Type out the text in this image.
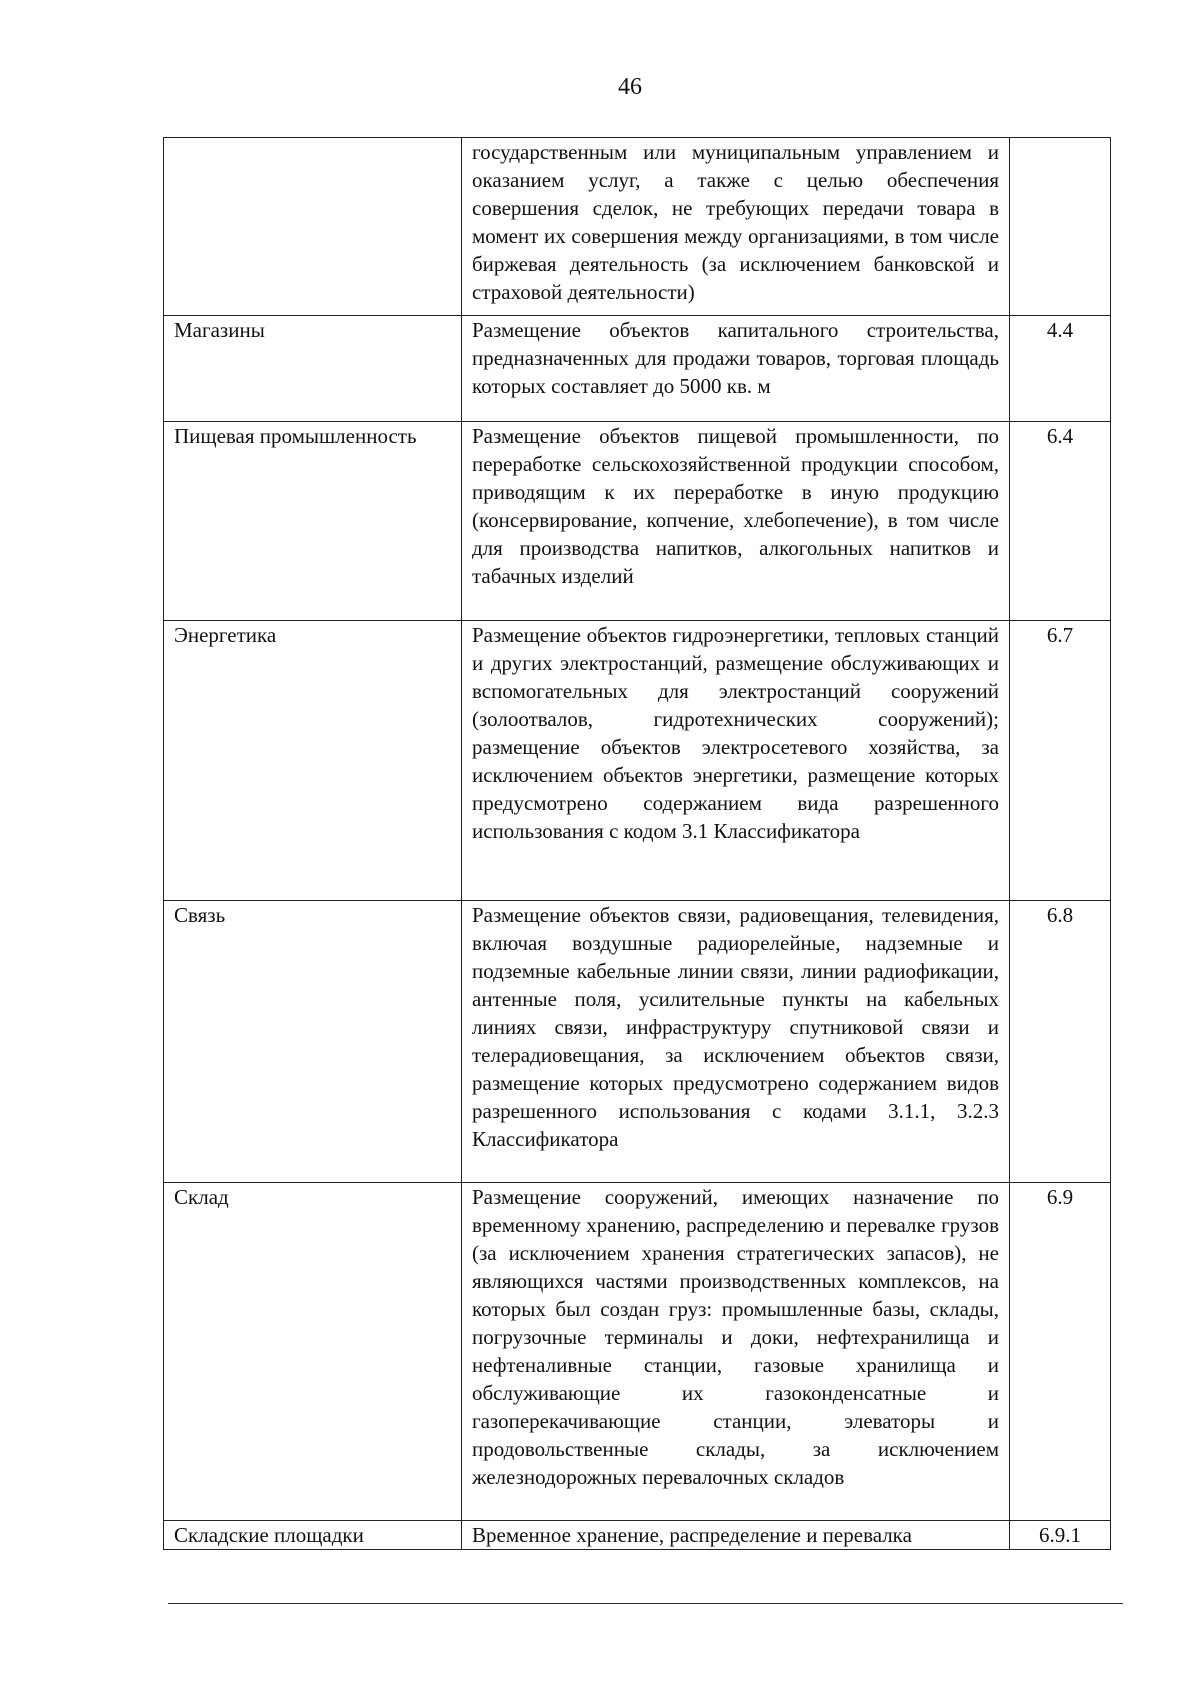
46
	государственным или муниципальным управлением и оказанием услуг, а также с целью обеспечения совершения сделок, не требующих передачи товара в момент их совершения между организациями, в том числе биржевая деятельность (за исключением банковской и страховой деятельности)	
Магазины	Размещение объектов капитального строительства, предназначенных для продажи товаров, торговая площадь которых составляет до 5000 кв. м	4.4
Пищевая промышленность	Размещение объектов пищевой промышленности, по переработке сельскохозяйственной продукции способом, приводящим к их переработке в иную продукцию (консервирование, копчение, хлебопечение), в том числе для производства напитков, алкогольных напитков и табачных изделий	6.4
Энергетика	Размещение объектов гидроэнергетики, тепловых станций и других электростанций, размещение обслуживающих и вспомогательных для электростанций сооружений (золоотвалов, гидротехнических сооружений); размещение объектов электросетевого хозяйства, за исключением объектов энергетики, размещение которых предусмотрено содержанием вида разрешенного использования с кодом 3.1 Классификатора	6.7
Связь	Размещение объектов связи, радиовещания, телевидения, включая воздушные радиорелейные, надземные и подземные кабельные линии связи, линии радиофикации, антенные поля, усилительные пункты на кабельных линиях связи, инфраструктуру спутниковой связи и телерадиовещания, за исключением объектов связи, размещение которых предусмотрено содержанием видов разрешенного использования с кодами 3.1.1, 3.2.3 Классификатора	6.8
Склад	Размещение сооружений, имеющих назначение по временному хранению, распределению и перевалке грузов (за исключением хранения стратегических запасов), не являющихся частями производственных комплексов, на которых был создан груз: промышленные базы, склады, погрузочные терминалы и доки, нефтехранилища и нефтеналивные станции, газовые хранилища и обслуживающие их газоконденсатные и газоперекачивающие станции, элеваторы и продовольственные склады, за исключением железнодорожных перевалочных складов	6.9
Складские площадки	Временное хранение, распределение и перевалка	6.9.1
